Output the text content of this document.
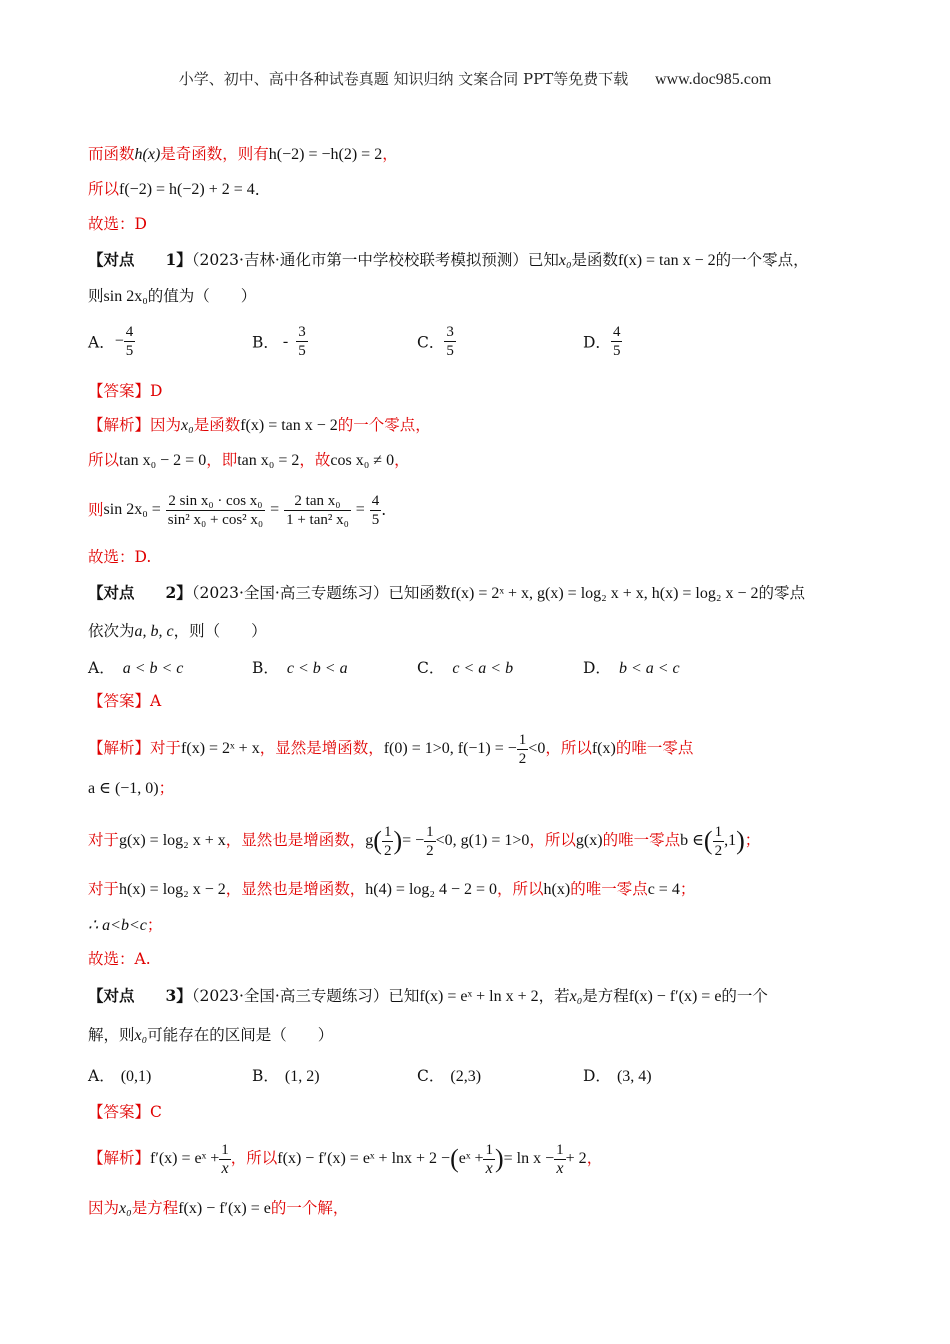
小学、初中、高中各种试卷真题 知识归纳 文案合同 PPT等免费下载 www.doc985.com
而函数h(x)是奇函数，则有h(−2) = −h(2) = 2，
所以f(−2) = h(−2) + 2 = 4.
故选：D
【对点　　1】（2023·吉林·通化市第一中学校校联考模拟预测）已知x₀是函数f(x) = tan x − 2的一个零点，
则sin 2x₀的值为（　　）
A．− $\frac{4}{5}$	B． - $\frac{3}{5}$	C． $\frac{3}{5}$	D． $\frac{4}{5}$
【答案】D
【解析】因为x₀是函数f(x) = tan x − 2的一个零点，
所以tan x₀ − 2 = 0，即tan x₀ = 2，故cos x₀ ≠ 0，
则$\sin 2x_0 = \frac{\text{2 sin x₀ · cos x₀}}{\text{sin² x₀ + cos² x₀}} = \frac{\text{2 tan x₀}}{\text{1 + tan² x₀}} = \frac{4}{5}$ .
故选：D.
【对点　　2】（2023·全国·高三专题练习）已知函数f(x) = 2ˣ + x, g(x) = log₂ x + x, h(x) = log₂ x − 2的零点
依次为a, b, c，则（　　）
A． a < b < c	B． c < b < a	C． c < a < b	D． b < a < c
【答案】A
【解析】对于f(x) = 2ˣ + x，显然是增函数，f(0) = 1>0, f(−1) = − $\frac{1}{2} <0$，所以f(x)的唯一零点
a ∈ (−1, 0)；
对于g(x) = log₂ x + x，显然也是增函数，$g( \frac{1}{2}$ )= − $\frac{1}{2} <0$, g(1) = 1>0，所以g(x)的唯一零点b ∈( $\frac{1}{2} ,1$)；
对于h(x) = log₂ x − 2，显然也是增函数，h(4) = log₂ 4 − 2 = 0，所以h(x)的唯一零点c = 4；
∴ a<b<c；
故选：A.
【对点　　3】（2023·全国·高三专题练习）已知f(x) = eˣ + ln x + 2，若x₀是方程f(x) − f′(x) = e的一个
解，则x₀可能存在的区间是（　　）
A． (0,1)	B． (1, 2)	C． (2,3)	D． (3, 4)
【答案】C
【解析】f′(x) = eˣ + $\frac{1}{x}$ ，所以f(x) − f′(x) = eˣ + lnx + 2 −(eˣ + $\frac{1}{x}$ )= $\ln x - \frac{1}{x} + 2$，
因为x₀是方程f(x) − f′(x) = e的一个解，
